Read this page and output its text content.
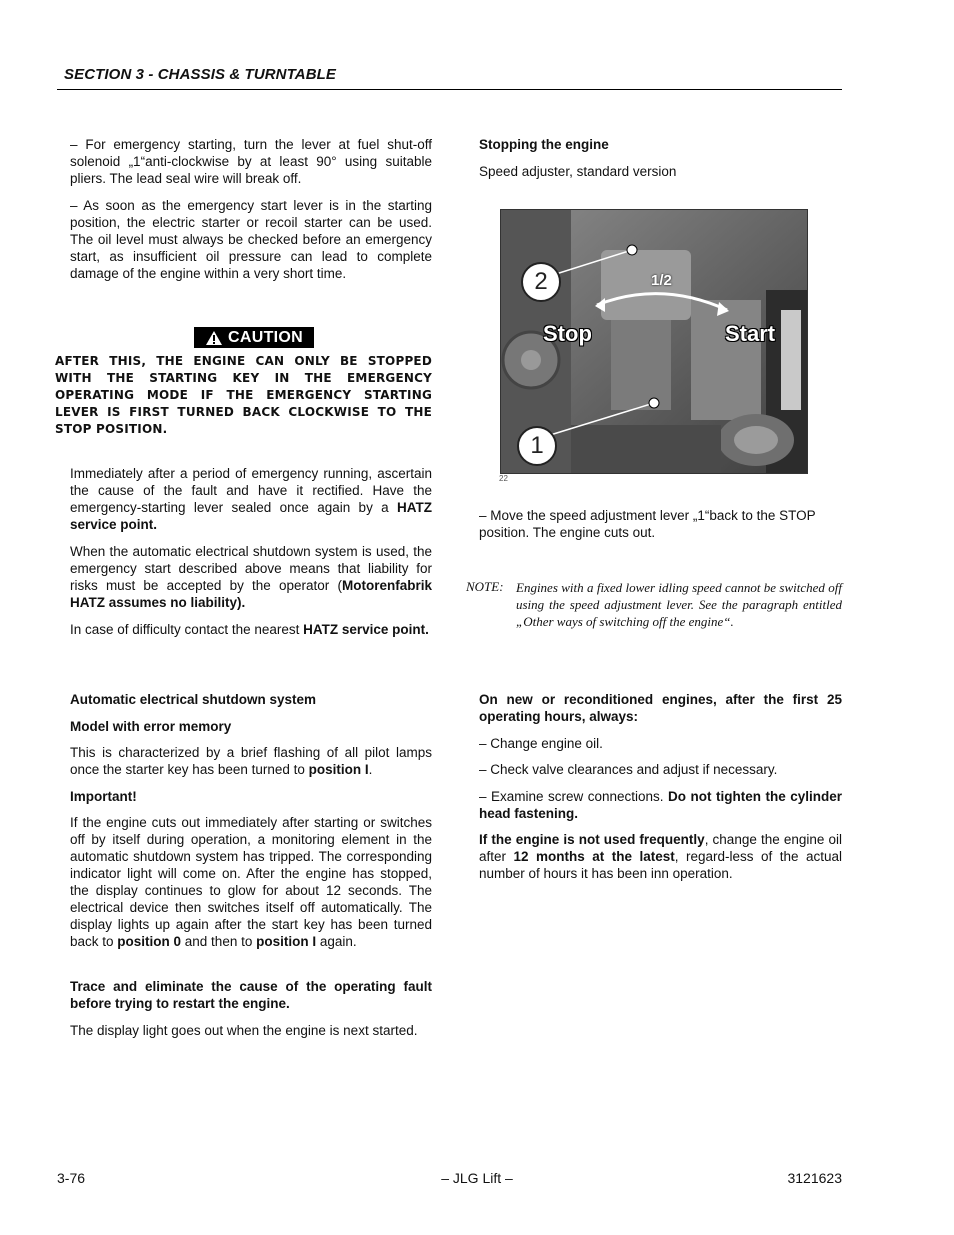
SECTION 3 - CHASSIS & TURNTABLE

– For emergency starting, turn the lever at fuel shut-off solenoid „1“anti-clockwise by at least 90° using suitable pliers. The lead seal wire will break off.

– As soon as the emergency start lever is in the starting position, the electric starter or recoil starter can be used. The oil level must always be checked before an emergency start, as insufficient oil pressure can lead to complete damage of the engine within a very short time.

CAUTION
AFTER THIS, THE ENGINE CAN ONLY BE STOPPED WITH THE STARTING KEY IN THE EMERGENCY OPERATING MODE IF THE EMERGENCY STARTING LEVER IS FIRST TURNED BACK CLOCKWISE TO THE STOP POSITION.

Immediately after a period of emergency running, ascertain the cause of the fault and have it rectified. Have the emergency-starting lever sealed once again by a HATZ service point.

When the automatic electrical shutdown system is used, the emergency start described above means that liability for risks must be accepted by the operator (Motorenfabrik HATZ assumes no liability).

In case of difficulty contact the nearest HATZ service point.

Automatic electrical shutdown system

Model with error memory

This is characterized by a brief flashing of all pilot lamps once the starter key has been turned to position I.

Important!

If the engine cuts out immediately after starting or switches off by itself during operation, a monitoring element in the automatic shutdown system has tripped. The corresponding indicator light will come on. After the engine has stopped, the display continues to glow for about 12 seconds. The electrical device then switches itself off automatically. The display lights up again after the start key has been turned back to position 0 and then to position I again.

Trace and eliminate the cause of the operating fault before trying to restart the engine.

The display light goes out when the engine is next started.

Stopping the engine

Speed adjuster, standard version

2
1
1/2
Stop	Start
22

– Move the speed adjustment lever „1“back to the STOP position. The engine cuts out.

NOTE: Engines with a fixed lower idling speed cannot be switched off using the speed adjustment lever. See the paragraph entitled „Other ways of switching off the engine“.

On new or reconditioned engines, after the first 25 operating hours, always:

– Change engine oil.

– Check valve clearances and adjust if necessary.

– Examine screw connections. Do not tighten the cylinder head fastening.

If the engine is not used frequently, change the engine oil after 12 months at the latest, regard-less of the actual number of hours it has been inn operation.

3-76	– JLG Lift –	3121623
